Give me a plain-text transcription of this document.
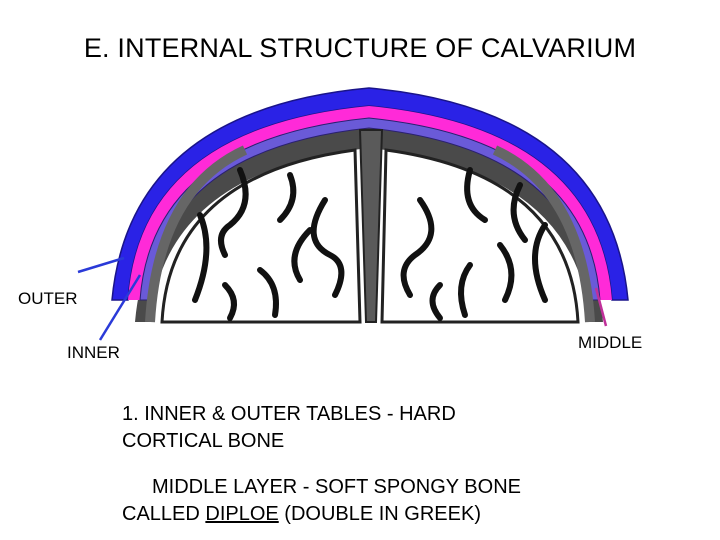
E. INTERNAL STRUCTURE OF CALVARIUM
OUTER
INNER
MIDDLE
1. INNER & OUTER TABLES - HARD
CORTICAL BONE
MIDDLE LAYER - SOFT SPONGY BONE
CALLED DIPLOE (DOUBLE IN GREEK)
